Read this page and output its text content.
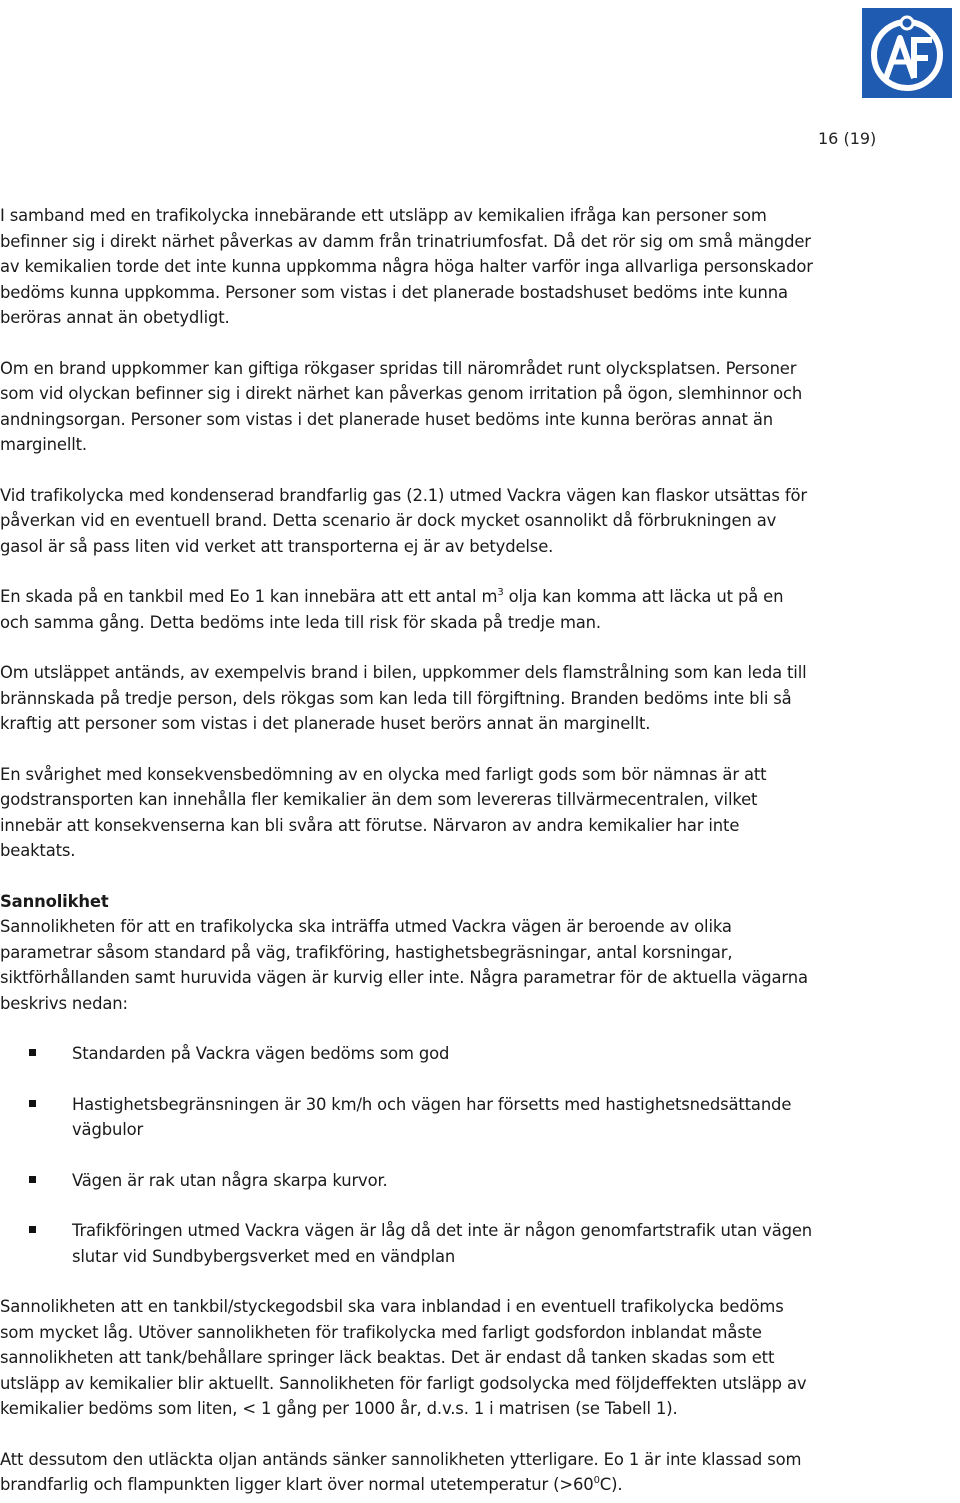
16 (19)

I samband med en trafikolycka innebärande ett utsläpp av kemikalien ifråga kan personer som befinner sig i direkt närhet påverkas av damm från trinatriumfosfat. Då det rör sig om små mängder av kemikalien torde det inte kunna uppkomma några höga halter varför inga allvarliga personskador bedöms kunna uppkomma. Personer som vistas i det planerade bostadshuset bedöms inte kunna beröras annat än obetydligt.

Om en brand uppkommer kan giftiga rökgaser spridas till närområdet runt olycksplatsen. Personer som vid olyckan befinner sig i direkt närhet kan påverkas genom irritation på ögon, slemhinnor och andningsorgan. Personer som vistas i det planerade huset bedöms inte kunna beröras annat än marginellt.

Vid trafikolycka med kondenserad brandfarlig gas (2.1) utmed Vackra vägen kan flaskor utsättas för påverkan vid en eventuell brand. Detta scenario är dock mycket osannolikt då förbrukningen av gasol är så pass liten vid verket att transporterna ej är av betydelse.

En skada på en tankbil med Eo 1 kan innebära att ett antal $m^3$ olja kan komma att läcka ut på en och samma gång. Detta bedöms inte leda till risk för skada på tredje man.

Om utsläppet antänds, av exempelvis brand i bilen, uppkommer dels flamstrålning som kan leda till brännskada på tredje person, dels rökgas som kan leda till förgiftning. Branden bedöms inte bli så kraftig att personer som vistas i det planerade huset berörs annat än marginellt.

En svårighet med konsekvensbedömning av en olycka med farligt gods som bör nämnas är att godstransporten kan innehålla fler kemikalier än dem som levereras tillvärmecentralen, vilket innebär att konsekvenserna kan bli svåra att förutse. Närvaron av andra kemikalier har inte beaktats.

Sannolikhet

Sannolikheten för att en trafikolycka ska inträffa utmed Vackra vägen är beroende av olika parametrar såsom standard på väg, trafikföring, hastighetsbegräsningar, antal korsningar, siktförhållanden samt huruvida vägen är kurvig eller inte. Några parametrar för de aktuella vägarna beskrivs nedan:

Standarden på Vackra vägen bedöms som god
Hastighetsbegränsningen är 30 km/h och vägen har försetts med hastighetsnedsättande vägbulor
Vägen är rak utan några skarpa kurvor.
Trafikföringen utmed Vackra vägen är låg då det inte är någon genomfartstrafik utan vägen slutar vid Sundbybergsverket med en vändplan

Sannolikheten att en tankbil/styckegodsbil ska vara inblandad i en eventuell trafikolycka bedöms som mycket låg. Utöver sannolikheten för trafikolycka med farligt godsfordon inblandat måste sannolikheten att tank/behållare springer läck beaktas. Det är endast då tanken skadas som ett utsläpp av kemikalier blir aktuellt. Sannolikheten för farligt godsolycka med följdeffekten utsläpp av kemikalier bedöms som liten, < 1 gång per 1000 år, d.v.s. 1 i matrisen (se Tabell 1).

Att dessutom den utläckta oljan antänds sänker sannolikheten ytterligare. Eo 1 är inte klassad som brandfarlig och flampunkten ligger klart över normal utetemperatur $(>60^0C)$.
